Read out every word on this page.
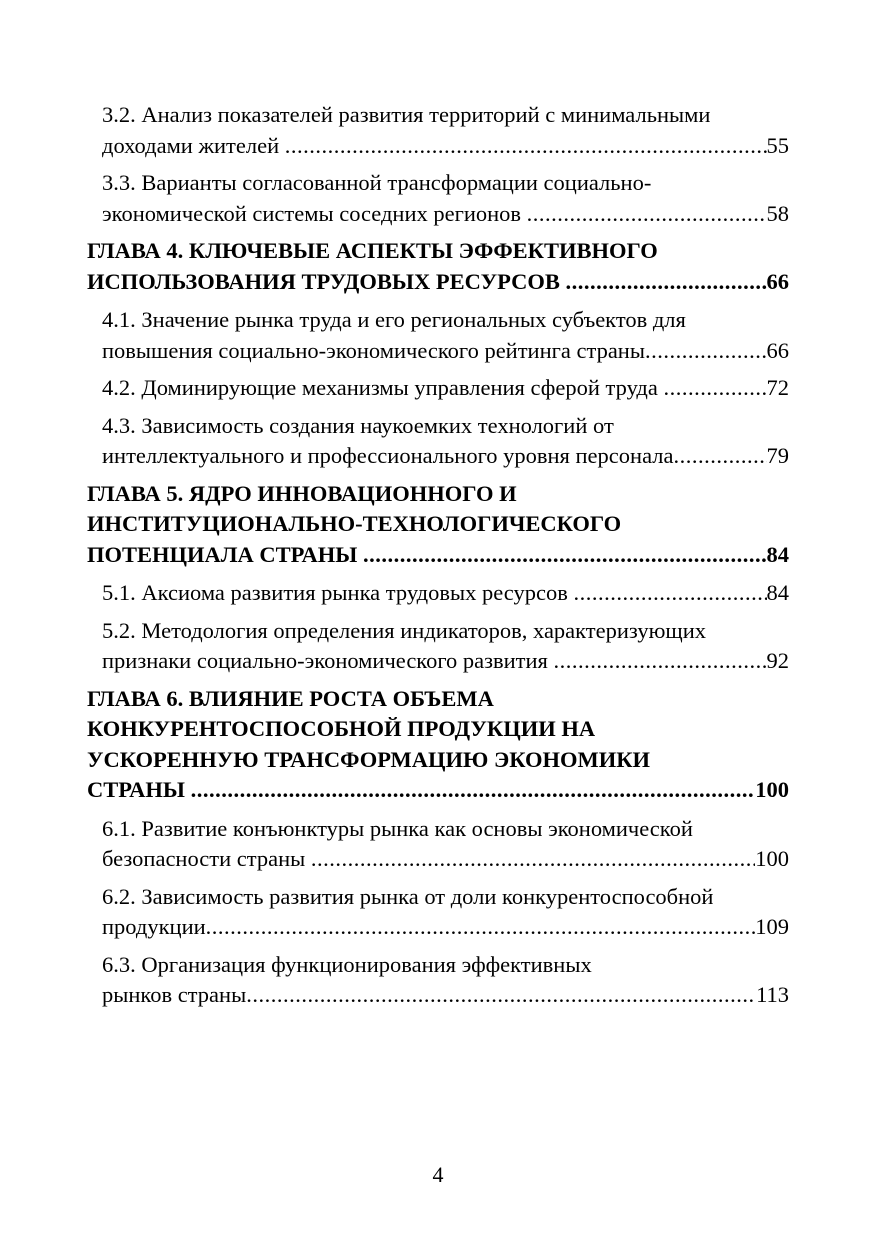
3.2. Анализ показателей развития территорий с минимальными
доходами жителей .....	55
3.3. Варианты согласованной трансформации социально-
экономической системы соседних регионов .....	58
ГЛАВА 4. КЛЮЧЕВЫЕ АСПЕКТЫ ЭФФЕКТИВНОГО
ИСПОЛЬЗОВАНИЯ ТРУДОВЫХ РЕСУРСОВ .....	66
4.1. Значение рынка труда и его региональных субъектов для
повышения социально-экономического рейтинга страны .....	66
4.2. Доминирующие механизмы управления сферой труда .....	72
4.3. Зависимость создания наукоемких технологий от
интеллектуального и профессионального уровня персонала .....	79
ГЛАВА 5. ЯДРО ИННОВАЦИОННОГО И
ИНСТИТУЦИОНАЛЬНО-ТЕХНОЛОГИЧЕСКОГО
ПОТЕНЦИАЛА СТРАНЫ .....	84
5.1. Аксиома развития рынка трудовых ресурсов .....	84
5.2. Методология определения индикаторов, характеризующих
признаки социально-экономического развития .....	92
ГЛАВА 6. ВЛИЯНИЕ РОСТА ОБЪЕМА
КОНКУРЕНТОСПОСОБНОЙ ПРОДУКЦИИ НА
УСКОРЕННУЮ ТРАНСФОРМАЦИЮ ЭКОНОМИКИ
СТРАНЫ .....	100
6.1. Развитие конъюнктуры рынка как основы экономической
безопасности страны .....	100
6.2. Зависимость развития рынка от доли конкурентоспособной
продукции .....	109
6.3. Организация функционирования эффективных
рынков страны .....	113
4
